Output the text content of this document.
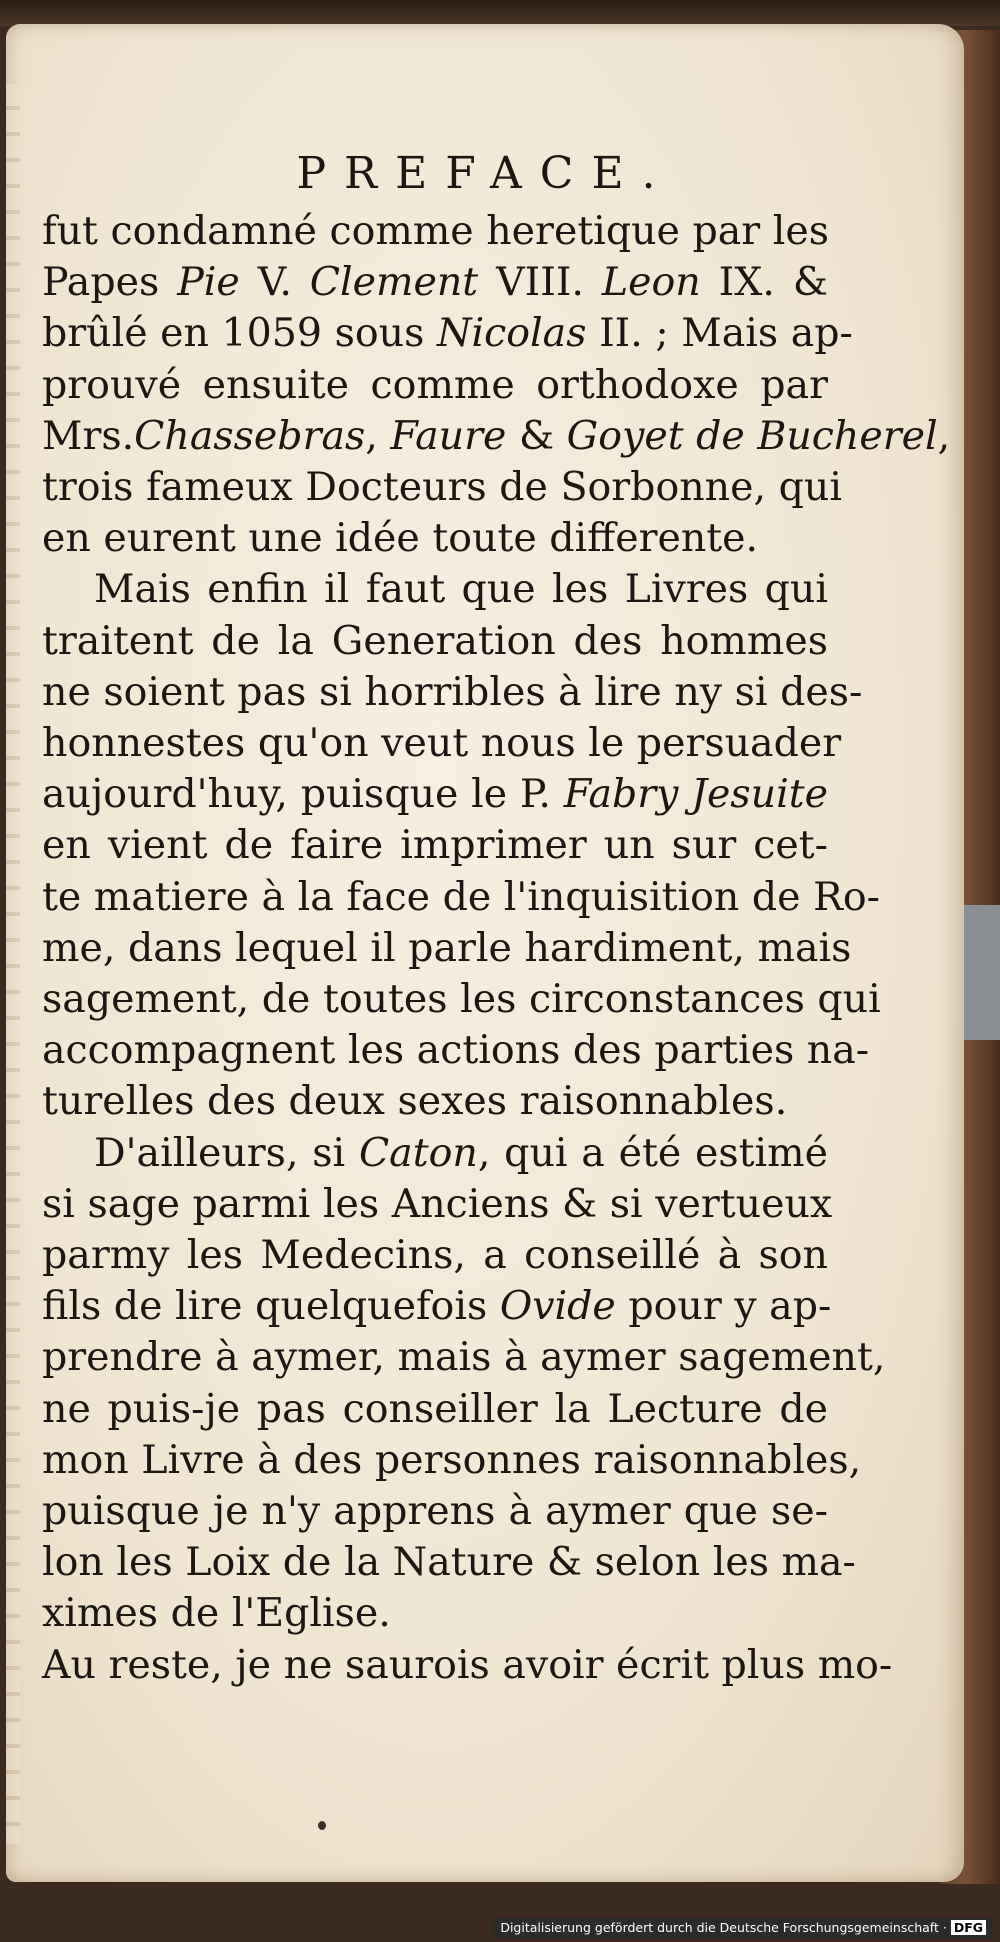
PREFACE.
fut condamné comme heretique par les
Papes Pie V. Clement VIII. Leon IX. &
brûlé en 1059 sous Nicolas II. ; Mais ap-
prouvé ensuite comme orthodoxe par
Mrs.Chassebras, Faure & Goyet de Bucherel,
trois fameux Docteurs de Sorbonne, qui
en eurent une idée toute differente.
Mais enfin il faut que les Livres qui
traitent de la Generation des hommes
ne soient pas si horribles à lire ny si des-
honnestes qu'on veut nous le persuader
aujourd'huy, puisque le P. Fabry Jesuite
en vient de faire imprimer un sur cet-
te matiere à la face de l'inquisition de Ro-
me, dans lequel il parle hardiment, mais
sagement, de toutes les circonstances qui
accompagnent les actions des parties na-
turelles des deux sexes raisonnables.
D'ailleurs, si Caton, qui a été estimé
si sage parmi les Anciens & si vertueux
parmy les Medecins, a conseillé à son
fils de lire quelquefois Ovide pour y ap-
prendre à aymer, mais à aymer sagement,
ne puis-je pas conseiller la Lecture de
mon Livre à des personnes raisonnables,
puisque je n'y apprens à aymer que se-
lon les Loix de la Nature & selon les ma-
ximes de l'Eglise.
Au reste, je ne saurois avoir écrit plus mo-
Digitalisierung gefördert durch die Deutsche Forschungsgemeinschaft · DFG
